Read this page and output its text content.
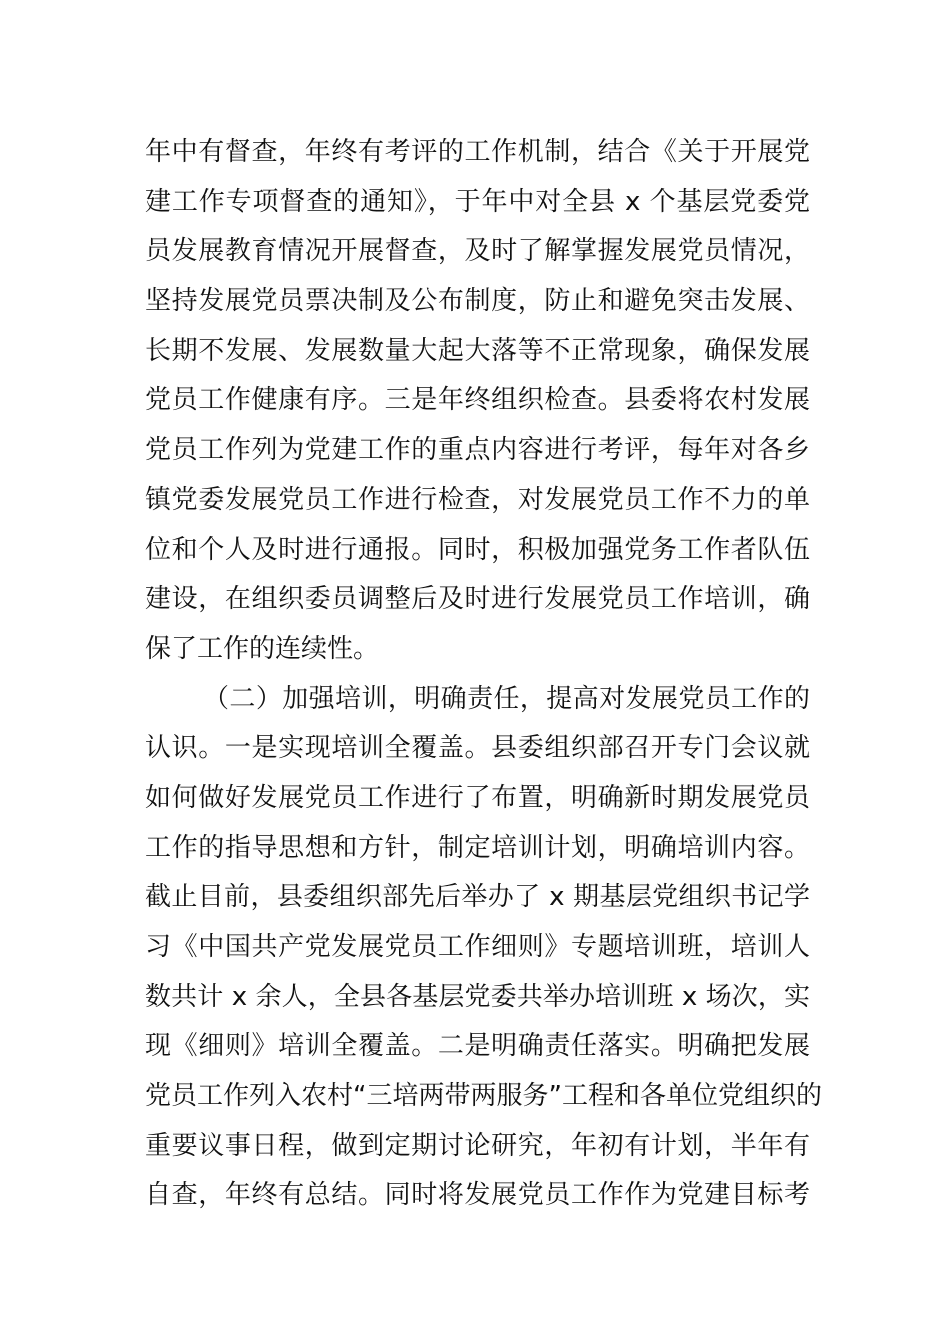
年中有督查，年终有考评的工作机制，结合《关于开展党
建工作专项督查的通知》，于年中对全县 x 个基层党委党
员发展教育情况开展督查，及时了解掌握发展党员情况，
坚持发展党员票决制及公布制度，防止和避免突击发展、
长期不发展、发展数量大起大落等不正常现象，确保发展
党员工作健康有序。三是年终组织检查。县委将农村发展
党员工作列为党建工作的重点内容进行考评，每年对各乡
镇党委发展党员工作进行检查，对发展党员工作不力的单
位和个人及时进行通报。同时，积极加强党务工作者队伍
建设，在组织委员调整后及时进行发展党员工作培训，确
保了工作的连续性。
（二）加强培训，明确责任，提高对发展党员工作的
认识。一是实现培训全覆盖。县委组织部召开专门会议就
如何做好发展党员工作进行了布置，明确新时期发展党员
工作的指导思想和方针，制定培训计划，明确培训内容。
截止目前，县委组织部先后举办了 x 期基层党组织书记学
习《中国共产党发展党员工作细则》专题培训班，培训人
数共计 x 余人，全县各基层党委共举办培训班 x 场次，实
现《细则》培训全覆盖。二是明确责任落实。明确把发展
党员工作列入农村“三培两带两服务”工程和各单位党组织的
重要议事日程，做到定期讨论研究，年初有计划，半年有
自查，年终有总结。同时将发展党员工作作为党建目标考
